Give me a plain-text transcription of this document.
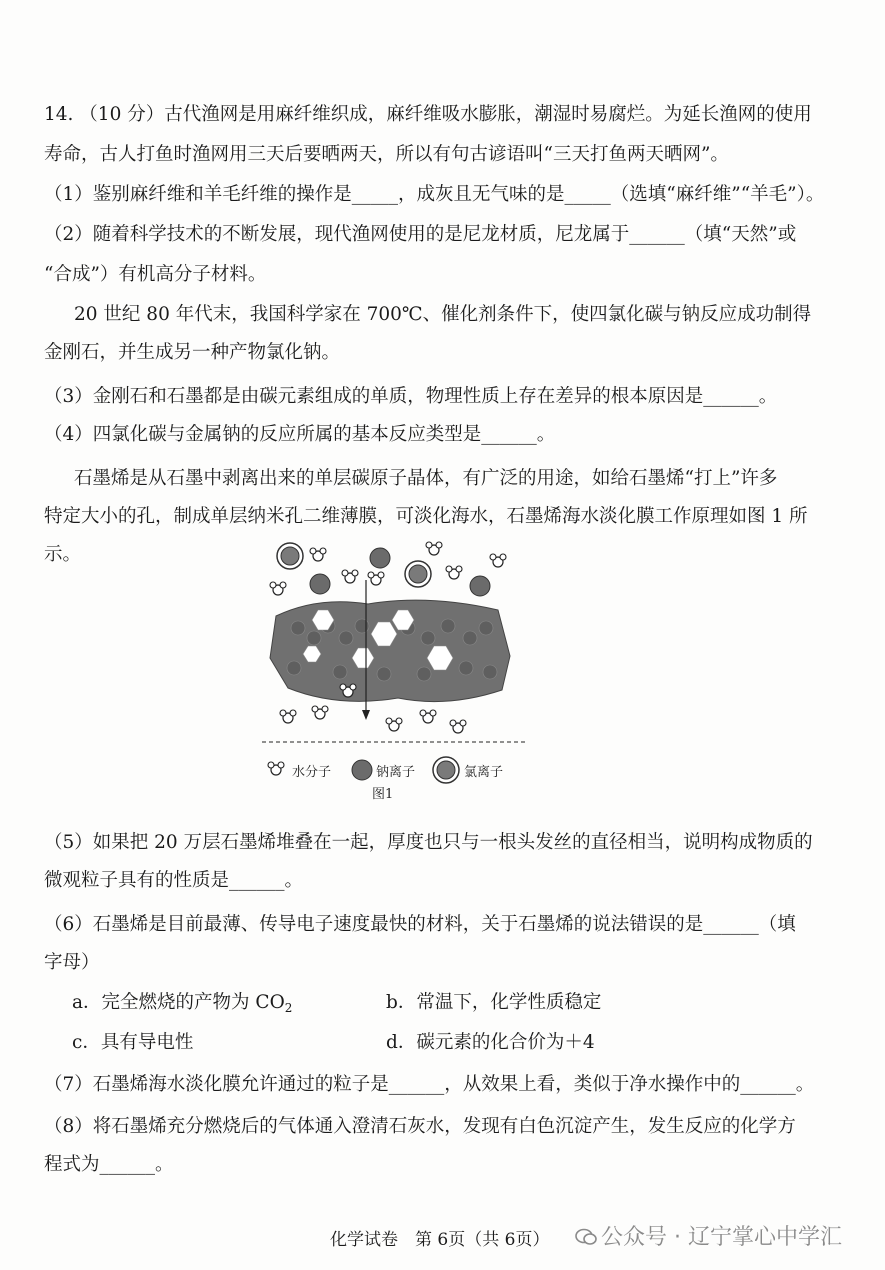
14. （10 分）古代渔网是用麻纤维织成，麻纤维吸水膨胀，潮湿时易腐烂。为延长渔网的使用
寿命，古人打鱼时渔网用三天后要晒两天，所以有句古谚语叫“三天打鱼两天晒网”。
（1）鉴别麻纤维和羊毛纤维的操作是_____，成灰且无气味的是_____（选填“麻纤维”“羊毛”）。
（2）随着科学技术的不断发展，现代渔网使用的是尼龙材质，尼龙属于______（填“天然”或
“合成”）有机高分子材料。
20 世纪 80 年代末，我国科学家在 700℃、催化剂条件下，使四氯化碳与钠反应成功制得
金刚石，并生成另一种产物氯化钠。
（3）金刚石和石墨都是由碳元素组成的单质，物理性质上存在差异的根本原因是______。
（4）四氯化碳与金属钠的反应所属的基本反应类型是______。
石墨烯是从石墨中剥离出来的单层碳原子晶体，有广泛的用途，如给石墨烯“打上”许多
特定大小的孔，制成单层纳米孔二维薄膜，可淡化海水，石墨烯海水淡化膜工作原理如图 1 所
示。
水分子	钠离子	氯离子
图1
（5）如果把 20 万层石墨烯堆叠在一起，厚度也只与一根头发丝的直径相当，说明构成物质的
微观粒子具有的性质是______。
（6）石墨烯是目前最薄、传导电子速度最快的材料，关于石墨烯的说法错误的是______（填
字母）
a．完全燃烧的产物为 $CO_2$	b．常温下，化学性质稳定
c．具有导电性	d．碳元素的化合价为＋4
（7）石墨烯海水淡化膜允许通过的粒子是______，从效果上看，类似于净水操作中的______。
（8）将石墨烯充分燃烧后的气体通入澄清石灰水，发现有白色沉淀产生，发生反应的化学方
程式为______。
化学试卷　第 6页（共 6页）	公众号 · 辽宁掌心中学汇
